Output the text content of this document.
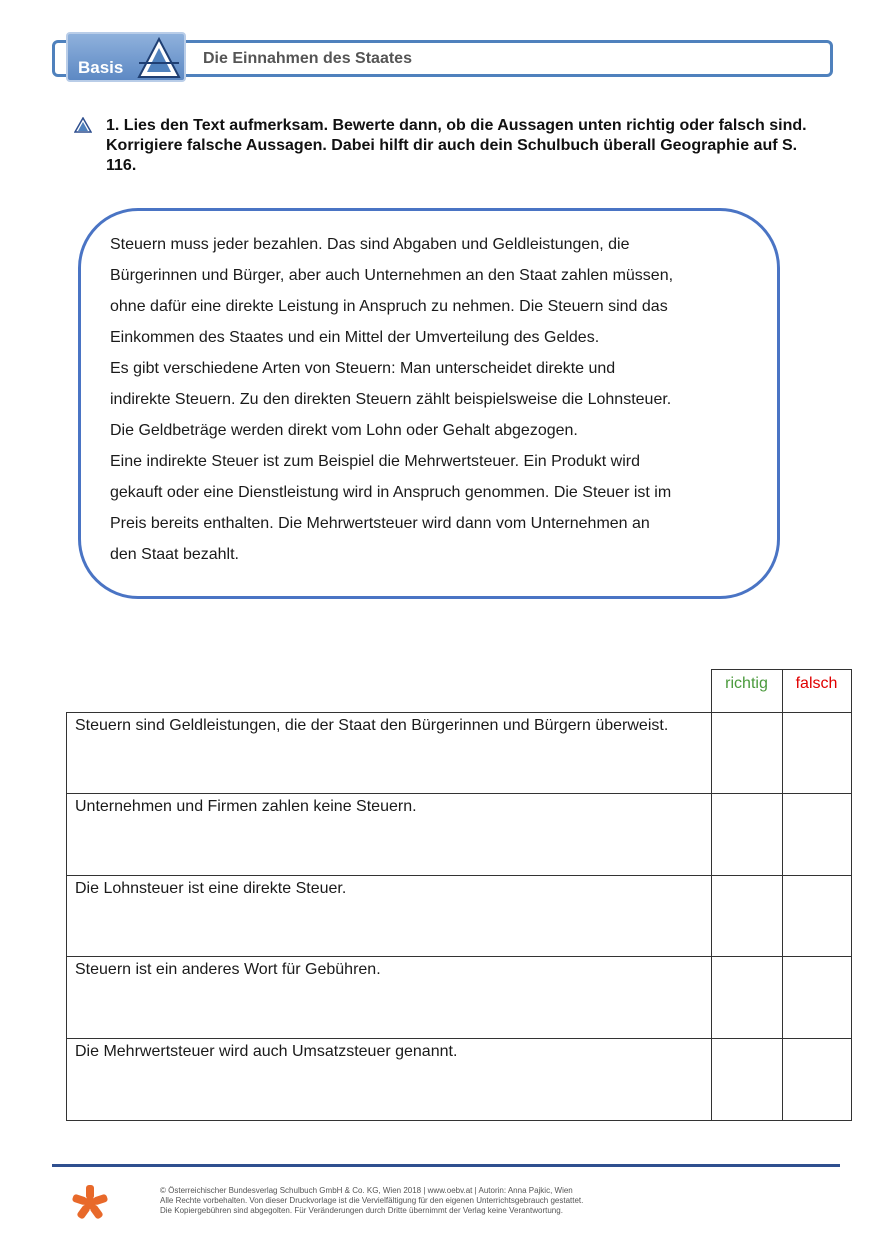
Basis	Die Einnahmen des Staates
1. Lies den Text aufmerksam. Bewerte dann, ob die Aussagen unten richtig oder falsch sind. Korrigiere falsche Aussagen. Dabei hilft dir auch dein Schulbuch überall Geographie auf S. 116.
Steuern muss jeder bezahlen. Das sind Abgaben und Geldleistungen, die
Bürgerinnen und Bürger, aber auch Unternehmen an den Staat zahlen müssen,
ohne dafür eine direkte Leistung in Anspruch zu nehmen. Die Steuern sind das
Einkommen des Staates und ein Mittel der Umverteilung des Geldes.
Es gibt verschiedene Arten von Steuern: Man unterscheidet direkte und
indirekte Steuern. Zu den direkten Steuern zählt beispielsweise die Lohnsteuer.
Die Geldbeträge werden direkt vom Lohn oder Gehalt abgezogen.
Eine indirekte Steuer ist zum Beispiel die Mehrwertsteuer. Ein Produkt wird
gekauft oder eine Dienstleistung wird in Anspruch genommen. Die Steuer ist im
Preis bereits enthalten. Die Mehrwertsteuer wird dann vom Unternehmen an
den Staat bezahlt.
	richtig	falsch
Steuern sind Geldleistungen, die der Staat den Bürgerinnen und Bürgern überweist.		
Unternehmen und Firmen zahlen keine Steuern.		
Die Lohnsteuer ist eine direkte Steuer.		
Steuern ist ein anderes Wort für Gebühren.		
Die Mehrwertsteuer wird auch Umsatzsteuer genannt.		
© Österreichischer Bundesverlag Schulbuch GmbH & Co. KG, Wien 2018 | www.oebv.at | Autorin: Anna Pajkic, Wien
Alle Rechte vorbehalten. Von dieser Druckvorlage ist die Vervielfältigung für den eigenen Unterrichtsgebrauch gestattet.
Die Kopiergebühren sind abgegolten. Für Veränderungen durch Dritte übernimmt der Verlag keine Verantwortung.
